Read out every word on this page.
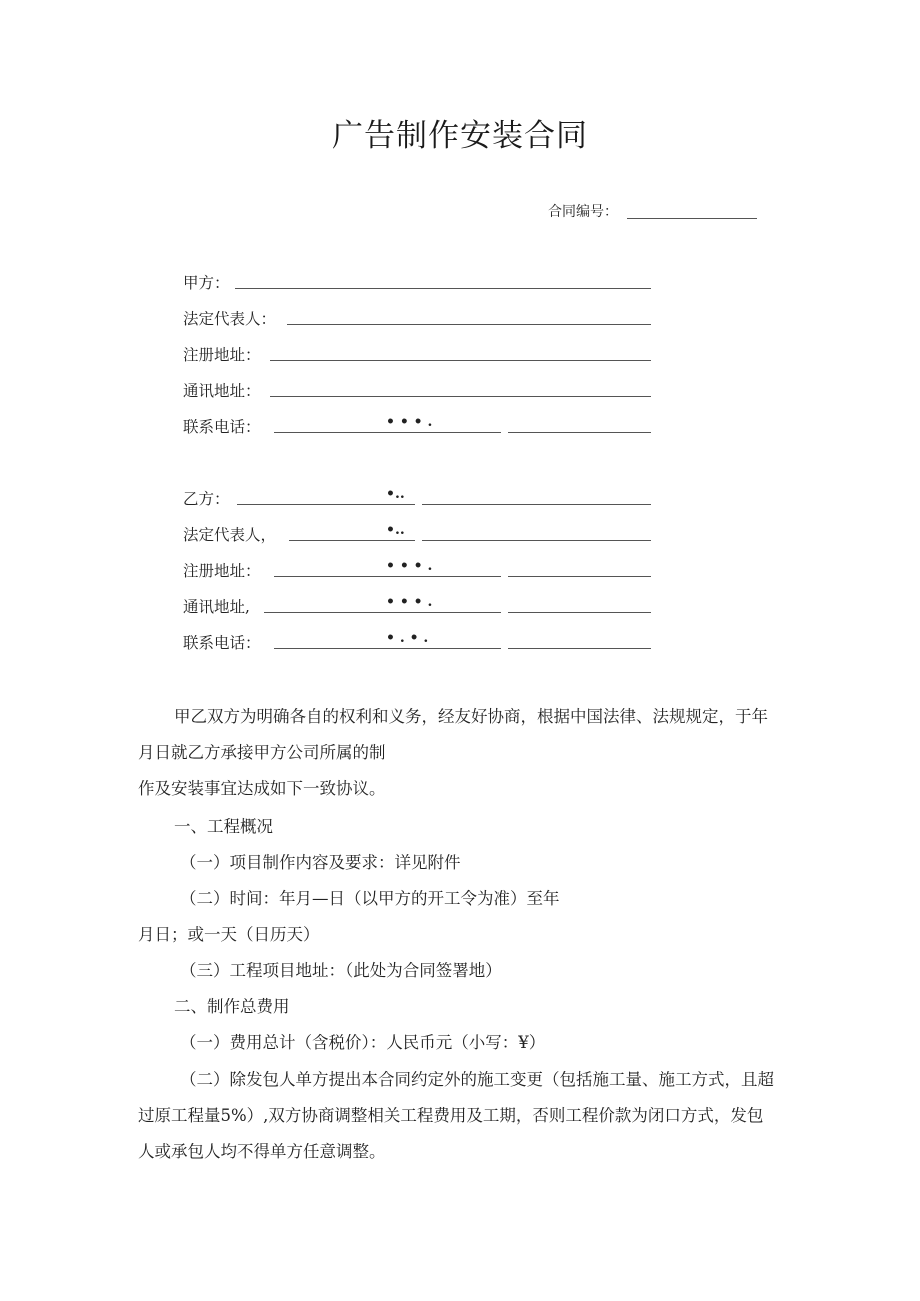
广告制作安装合同
合同编号：
甲方：
法定代表人：
注册地址：
通讯地址：
联系电话：	• • • .
乙方：	•..
法定代表人，	•..
注册地址：	• • • .
通讯地址,	• • • .
联系电话：	• . • .
甲乙双方为明确各自的权利和义务，经友好协商，根据中国法律、法规规定，于年
月日就乙方承接甲方公司所属的制
作及安装事宜达成如下一致协议。
一、工程概况
（一）项目制作内容及要求：详见附件
（二）时间：年月—日（以甲方的开工令为准）至年
月日；或一天（日历天）
（三）工程项目地址：（此处为合同签署地）
二、制作总费用
（一）费用总计（含税价）：人民币元（小写：¥）
（二）除发包人单方提出本合同约定外的施工变更（包括施工量、施工方式，且超
过原工程量5%）,双方协商调整相关工程费用及工期，否则工程价款为闭口方式，发包
人或承包人均不得单方任意调整。
